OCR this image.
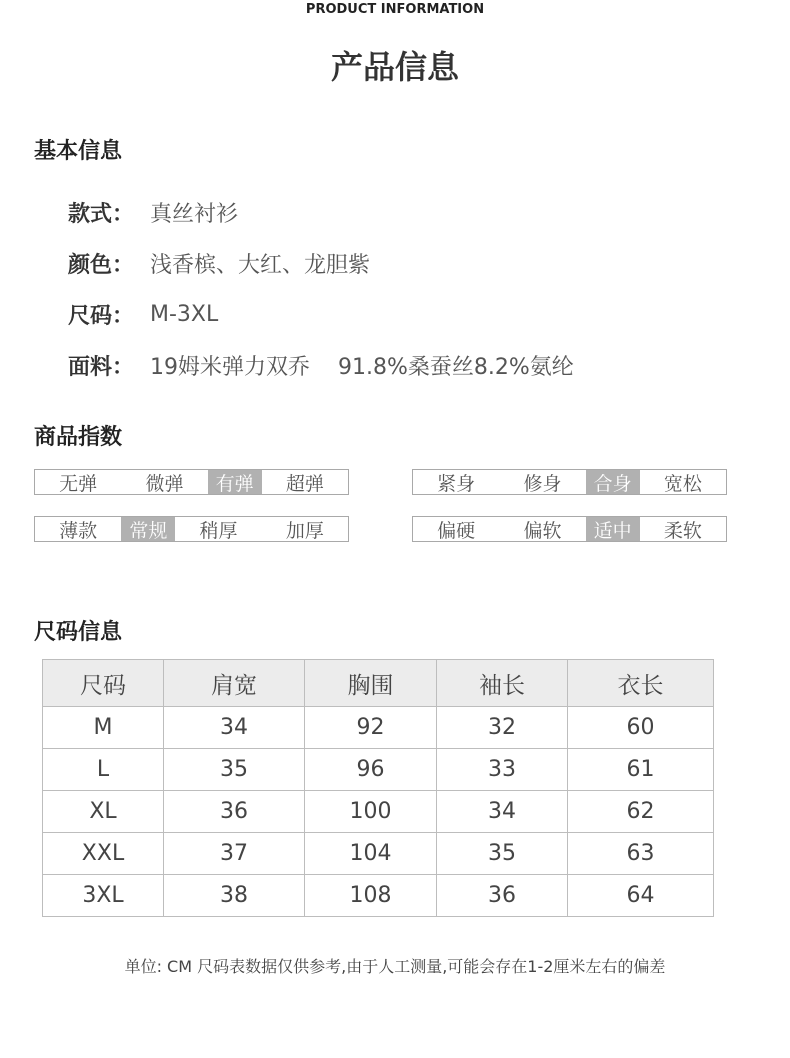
PRODUCT INFORMATION
产品信息
基本信息
款式： 真丝衬衫
颜色： 浅香槟、大红、龙胆紫
尺码： M-3XL
面料： 19姆米弹力双乔    91.8%桑蚕丝8.2%氨纶
商品指数
无弹	微弹	有弹	超弹	紧身	修身	合身	宽松
薄款	常规	稍厚	加厚	偏硬	偏软	适中	柔软
尺码信息
尺码	肩宽	胸围	袖长	衣长
M	34	92	32	60
L	35	96	33	61
XL	36	100	34	62
XXL	37	104	35	63
3XL	38	108	36	64
单位: CM 尺码表数据仅供参考,由于人工测量,可能会存在1-2厘米左右的偏差
